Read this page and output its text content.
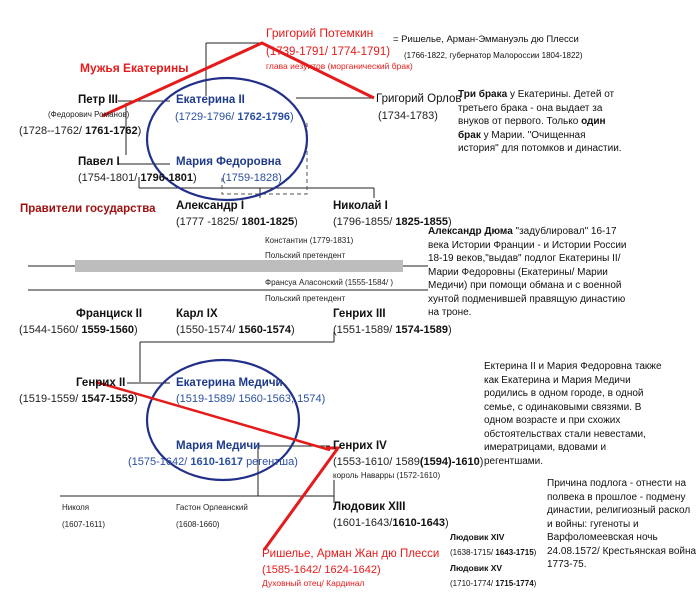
Григорий Потемкин
(1739-1791/ 1774-1791)
глава иезуитов (морганический брак)
= Ришелье, Арман-Эммануэль дю Плесси
(1766-1822, губернатор Малороссии 1804-1822)
Мужья Екатерины
Петр III
(Федорович Романов)
(1728--1762/ 1761-1762)
Екатерина II
(1729-1796/ 1762-1796)
Григорий Орлов
(1734-1783)
Павел I
(1754-1801/ 1796-1801)
Мария Федоровна
(1759-1828)
Правители государства Александр I
(1777 -1825/ 1801-1825)
Николай I
(1796-1855/ 1825-1855)
Константин (1779-1831)
Польский претендент
Франсуа Аласонский (1555-1584/ )
Польский претендент
Франциск II
(1544-1560/ 1559-1560)
Карл IX
(1550-1574/ 1560-1574)
Генрих III
(1551-1589/ 1574-1589)
Генрих II
(1519-1559/ 1547-1559)
Екатерина Медичи
(1519-1589/ 1560-1563; 1574)
Мария Медичи
(1575-1642/ 1610-1617 регентша)
Генрих IV
(1553-1610/ 1589(1594)-1610)
король Наварры (1572-1610)
Николя
(1607-1611)
Гастон Орлеанский
(1608-1660)
Людовик XIII
(1601-1643/1610-1643)
Людовик XIV
(1638-1715/ 1643-1715)
Людовик XV
(1710-1774/ 1715-1774)
Ришелье, Арман Жан дю Плесси
(1585-1642/ 1624-1642)
Духовный отец/ Кардинал
Три брака у Екатерины. Детей от третьего брака - она выдает за внуков от первого. Только один брак у Марии. "Очищенная история" для потомков и династии.
Александр Дюма "задублировал" 16-17 века Истории Франции - и Истории России 18-19 веков,"выдав" подлог Екатерины II/ Марии Федоровны (Екатерины/ Марии Медичи) при помощи обмана и с военной хунтой подменившей правящую династию на троне.
Ектерина II и Мария Федоровна также как Екатерина и Мария Медичи родились в одном городе, в одной семье, с одинаковыми связями. В одном возрасте и при схожих обстоятельствах стали невестами, имератрицами, вдовами и регентшами.
Причина подлога - отнести на полвека в прошлое - подмену династии, религиозный раскол и войны: гугеноты и Варфоломеевская ночь 24.08.1572/ Крестьянская война 1773-75.
